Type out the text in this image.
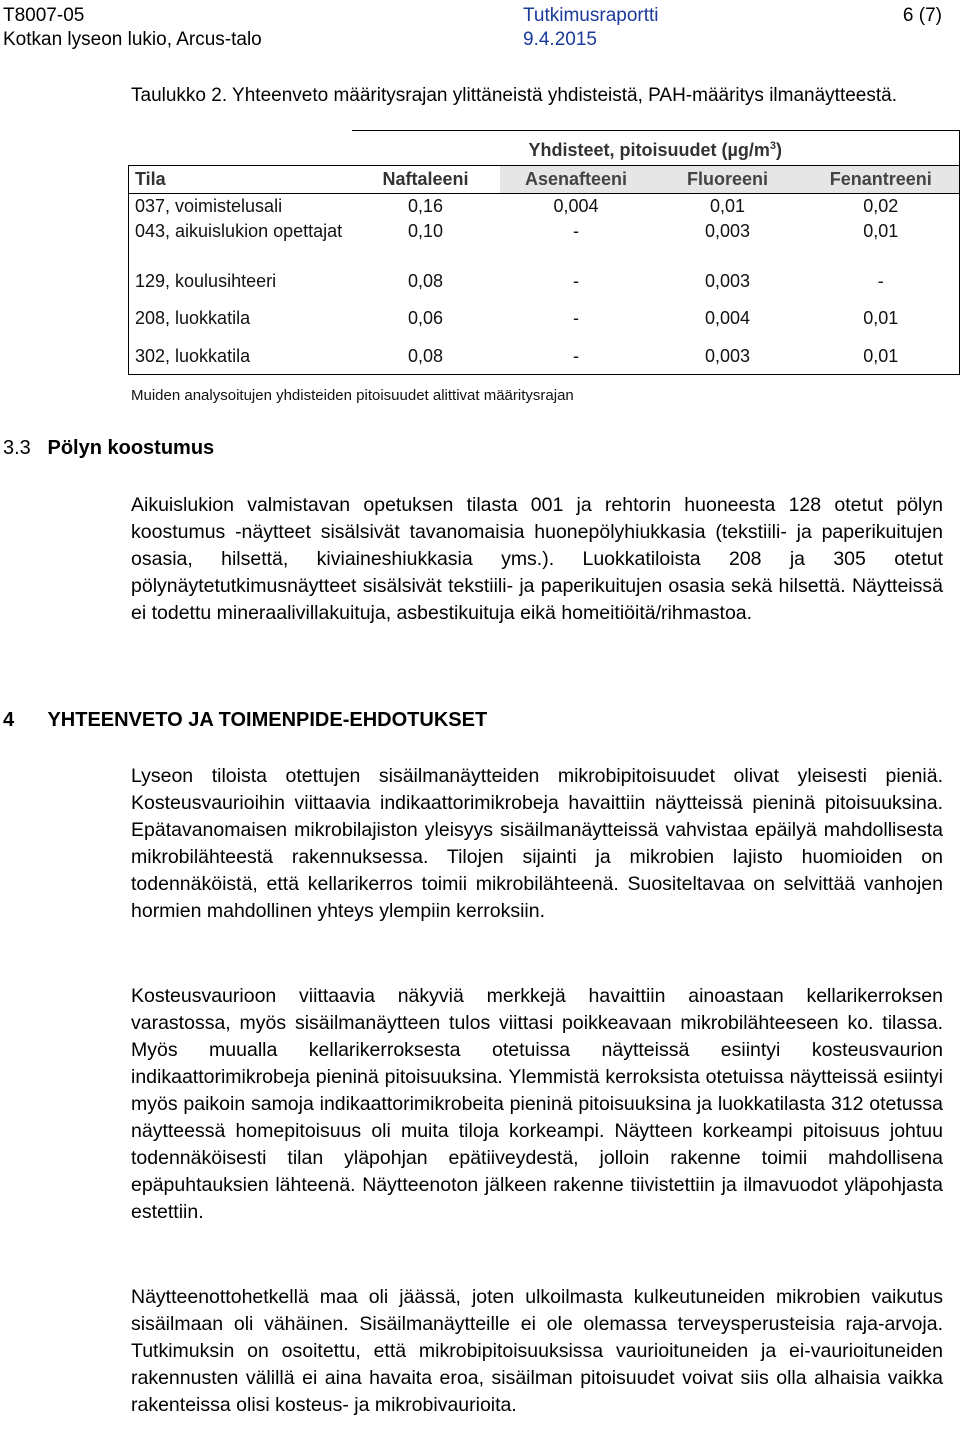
T8007-05	Tutkimusraportti	6 (7)
Kotkan lyseon lukio, Arcus-talo	9.4.2015
Taulukko 2. Yhteenveto määritysrajan ylittäneistä yhdisteistä, PAH-määritys ilmanäytteestä.
	Yhdisteet, pitoisuudet $(\mu g/m^3)$			
Tila	Naftaleeni	Asenafteeni	Fluoreeni	Fenantreeni
037, voimistelusali	0,16	0,004	0,01	0,02
043, aikuislukion opettajat	0,10	-	0,003	0,01
129, koulusihteeri	0,08	-	0,003	-
208, luokkatila	0,06	-	0,004	0,01
302, luokkatila	0,08	-	0,003	0,01
Muiden analysoitujen yhdisteiden pitoisuudet alittivat määritysrajan
3.3 Pölyn koostumus
Aikuislukion valmistavan opetuksen tilasta 001 ja rehtorin huoneesta 128 otetut pölyn koostumus -näytteet sisälsivät tavanomaisia huonepölyhiukkasia (tekstiili- ja paperikuitujen osasia, hilsettä, kiviaineshiukkasia yms.). Luokkatiloista 208 ja 305 otetut pölynäytetutkimusnäytteet sisälsivät tekstiili- ja paperikuitujen osasia sekä hilsettä. Näytteissä ei todettu mineraalivillakuituja, asbestikuituja eikä homeitiöitä/rihmastoa.
4 YHTEENVETO JA TOIMENPIDE-EHDOTUKSET
Lyseon tiloista otettujen sisäilmanäytteiden mikrobipitoisuudet olivat yleisesti pieniä. Kosteusvaurioihin viittaavia indikaattorimikrobeja havaittiin näytteissä pieninä pitoisuuksina. Epätavanomaisen mikrobilajiston yleisyys sisäilmanäytteissä vahvistaa epäilyä mahdollisesta mikrobilähteestä rakennuksessa. Tilojen sijainti ja mikrobien lajisto huomioiden on todennäköistä, että kellarikerros toimii mikrobilähteenä. Suositeltavaa on selvittää vanhojen hormien mahdollinen yhteys ylempiin kerroksiin.
Kosteusvaurioon viittaavia näkyviä merkkejä havaittiin ainoastaan kellarikerroksen varastossa, myös sisäilmanäytteen tulos viittasi poikkeavaan mikrobilähteeseen ko. tilassa. Myös muualla kellarikerroksesta otetuissa näytteissä esiintyi kosteusvaurion indikaattorimikrobeja pieninä pitoisuuksina. Ylemmistä kerroksista otetuissa näytteissä esiintyi myös paikoin samoja indikaattorimikrobeita pieninä pitoisuuksina ja luokkatilasta 312 otetussa näytteessä homepitoisuus oli muita tiloja korkeampi. Näytteen korkeampi pitoisuus johtuu todennäköisesti tilan yläpohjan epätiiveydestä, jolloin rakenne toimii mahdollisena epäpuhtauksien lähteenä. Näytteenoton jälkeen rakenne tiivistettiin ja ilmavuodot yläpohjasta estettiin.
Näytteenottohetkellä maa oli jäässä, joten ulkoilmasta kulkeutuneiden mikrobien vaikutus sisäilmaan oli vähäinen. Sisäilmanäytteille ei ole olemassa terveysperusteisia raja-arvoja. Tutkimuksin on osoitettu, että mikrobipitoisuuksissa vaurioituneiden ja ei-vaurioituneiden rakennusten välillä ei aina havaita eroa, sisäilman pitoisuudet voivat siis olla alhaisia vaikka rakenteissa olisi kosteus- ja mikrobivaurioita.
